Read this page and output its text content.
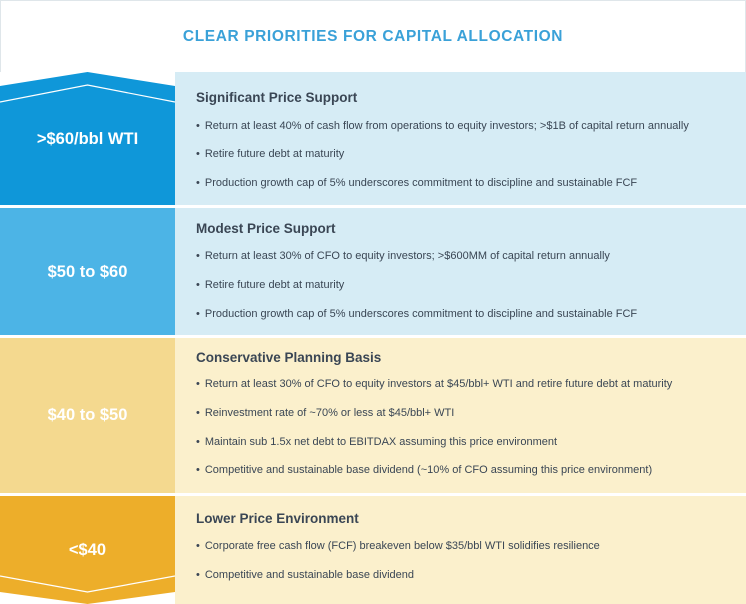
CLEAR PRIORITIES FOR CAPITAL ALLOCATION
>$60/bbl WTI
Significant Price Support
• Return at least 40% of cash flow from operations to equity investors; >$1B of capital return annually
• Retire future debt at maturity
• Production growth cap of 5% underscores commitment to discipline and sustainable FCF
$50 to $60
Modest Price Support
• Return at least 30% of CFO to equity investors; >$600MM of capital return annually
• Retire future debt at maturity
• Production growth cap of 5% underscores commitment to discipline and sustainable FCF
$40 to $50
Conservative Planning Basis
• Return at least 30% of CFO to equity investors at $45/bbl+ WTI and retire future debt at maturity
• Reinvestment rate of ~70% or less at $45/bbl+ WTI
• Maintain sub 1.5x net debt to EBITDAX assuming this price environment
• Competitive and sustainable base dividend (~10% of CFO assuming this price environment)
<$40
Lower Price Environment
• Corporate free cash flow (FCF) breakeven below $35/bbl WTI solidifies resilience
• Competitive and sustainable base dividend
